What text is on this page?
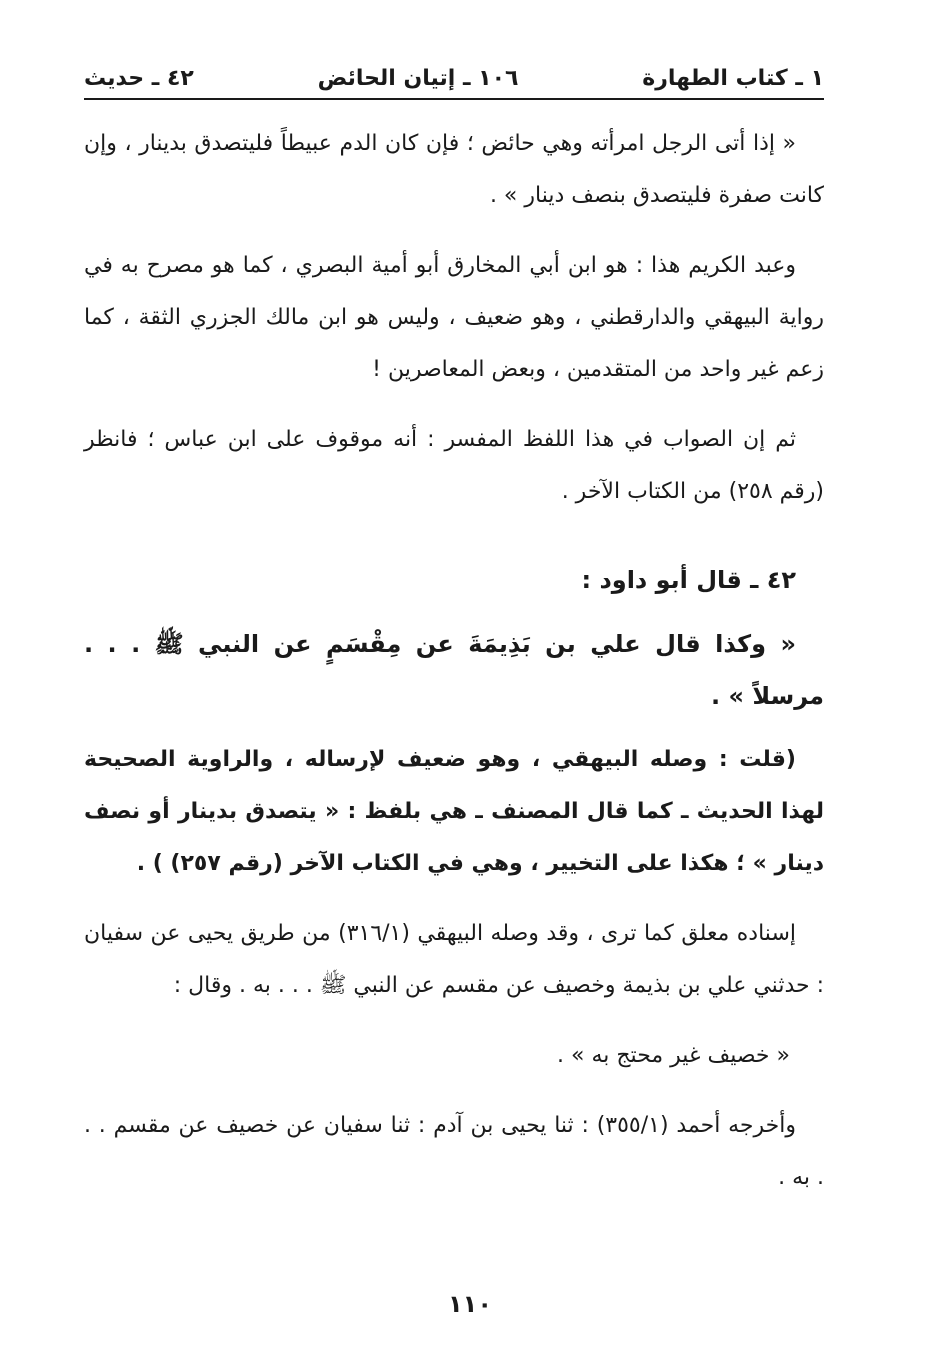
١ ـ كتاب الطهارة
١٠٦ ـ إتيان الحائض
٤٢ ـ حديث

« إذا أتى الرجل امرأته وهي حائض ؛ فإن كان الدم عبيطاً فليتصدق بدينار ، وإن كانت صفرة فليتصدق بنصف دينار » .

وعبد الكريم هذا : هو ابن أبي المخارق أبو أمية البصري ، كما هو مصرح به في رواية البيهقي والدارقطني ، وهو ضعيف ، وليس هو ابن مالك الجزري الثقة ، كما زعم غير واحد من المتقدمين ، وبعض المعاصرين !

ثم إن الصواب في هذا اللفظ المفسر : أنه موقوف على ابن عباس ؛ فانظر (رقم ٢٥٨) من الكتاب الآخر .

٤٢ ـ قال أبو داود :

« وكذا قال علي بن بَذِيمَةَ عن مِقْسَمٍ عن النبي ﷺ . . . مرسلاً » .

(قلت : وصله البيهقي ، وهو ضعيف لإرساله ، والراوية الصحيحة لهذا الحديث ـ كما قال المصنف ـ هي بلفظ : « يتصدق بدينار أو نصف دينار » ؛ هكذا على التخيير ، وهي في الكتاب الآخر (رقم ٢٥٧) ) .

إسناده معلق كما ترى ، وقد وصله البيهقي (٣١٦/١) من طريق يحيى عن سفيان : حدثني علي بن بذيمة وخصيف عن مقسم عن النبي ﷺ . . . به . وقال :

« خصيف غير محتج به » .

وأخرجه أحمد (٣٥٥/١) : ثنا يحيى بن آدم : ثنا سفيان عن خصيف عن مقسم . . . به .

١١٠
